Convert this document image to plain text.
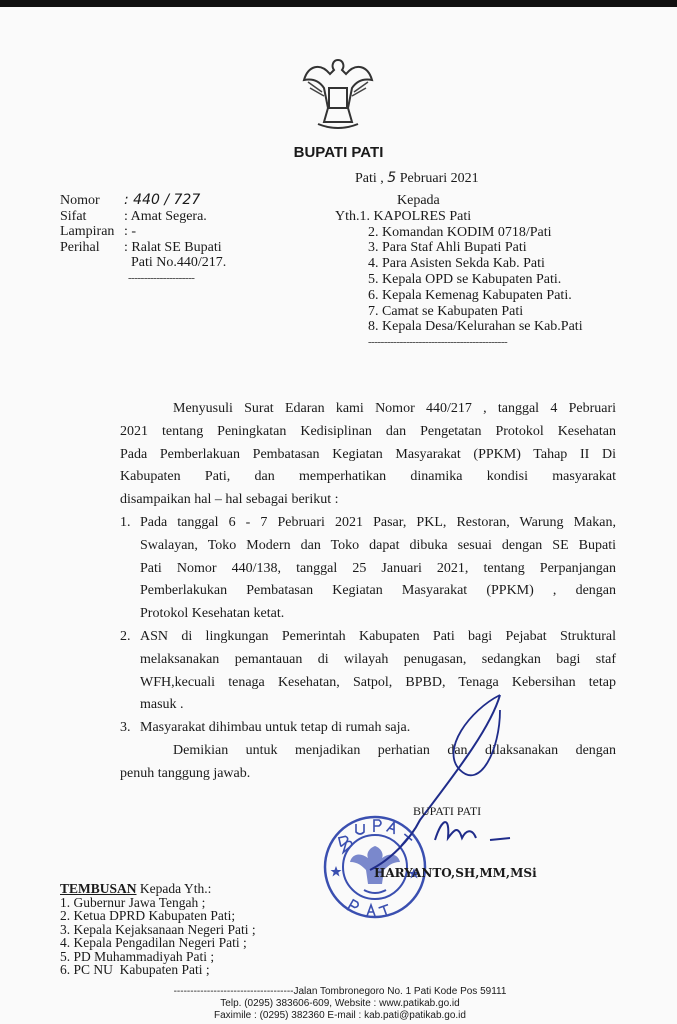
BUPATI PATI
Pati , 5 Pebruari 2021
Nomor	: 440 / 727
Sifat	: Amat Segera.
Lampiran : -
Perihal	: Ralat SE Bupati
Pati No.440/217.
---------------------
Kepada
Yth.1. KAPOLRES Pati
2. Komandan KODIM 0718/Pati
3. Para Staf Ahli Bupati Pati
4. Para Asisten Sekda Kab. Pati
5. Kepala OPD se Kabupaten Pati.
6. Kepala Kemenag Kabupaten Pati.
7. Camat se Kabupaten Pati
8. Kepala Desa/Kelurahan se Kab.Pati
--------------------------------------------
Menyusuli Surat Edaran kami Nomor 440/217 , tanggal 4 Pebruari
2021 tentang Peningkatan Kedisiplinan dan Pengetatan Protokol Kesehatan
Pada Pemberlakuan Pembatasan Kegiatan Masyarakat (PPKM) Tahap II Di
Kabupaten Pati, dan memperhatikan dinamika kondisi masyarakat
disampaikan hal – hal sebagai berikut :
1. Pada tanggal 6 - 7 Pebruari 2021 Pasar, PKL, Restoran, Warung Makan,
Swalayan, Toko Modern dan Toko dapat dibuka sesuai dengan SE Bupati
Pati Nomor 440/138, tanggal 25 Januari 2021, tentang Perpanjangan
Pemberlakukan Pembatasan Kegiatan Masyarakat (PPKM) , dengan
Protokol Kesehatan ketat.
2. ASN di lingkungan Pemerintah Kabupaten Pati bagi Pejabat Struktural
melaksanakan pemantauan di wilayah penugasan, sedangkan bagi staf
WFH,kecuali tenaga Kesehatan, Satpol, BPBD, Tenaga Kebersihan tetap
masuk .
3. Masyarakat dihimbau untuk tetap di rumah saja.
Demikian untuk menjadikan perhatian dan dilaksanakan dengan
penuh tanggung jawab.
BUPATI PATI
HARYANTO,SH,MM,MSi
TEMBUSAN Kepada Yth.:
1. Gubernur Jawa Tengah ;
2. Ketua DPRD Kabupaten Pati;
3. Kepala Kejaksanaan Negeri Pati ;
4. Kepala Pengadilan Negeri Pati ;
5. PD Muhammadiyah Pati ;
6. PC NU  Kabupaten Pati ;
------------------------------------Jalan Tombronegoro No. 1 Pati Kode Pos 59111
Telp. (0295) 383606-609, Website : www.patikab.go.id
Faximile : (0295) 382360 E-mail : kab.pati@patikab.go.id
